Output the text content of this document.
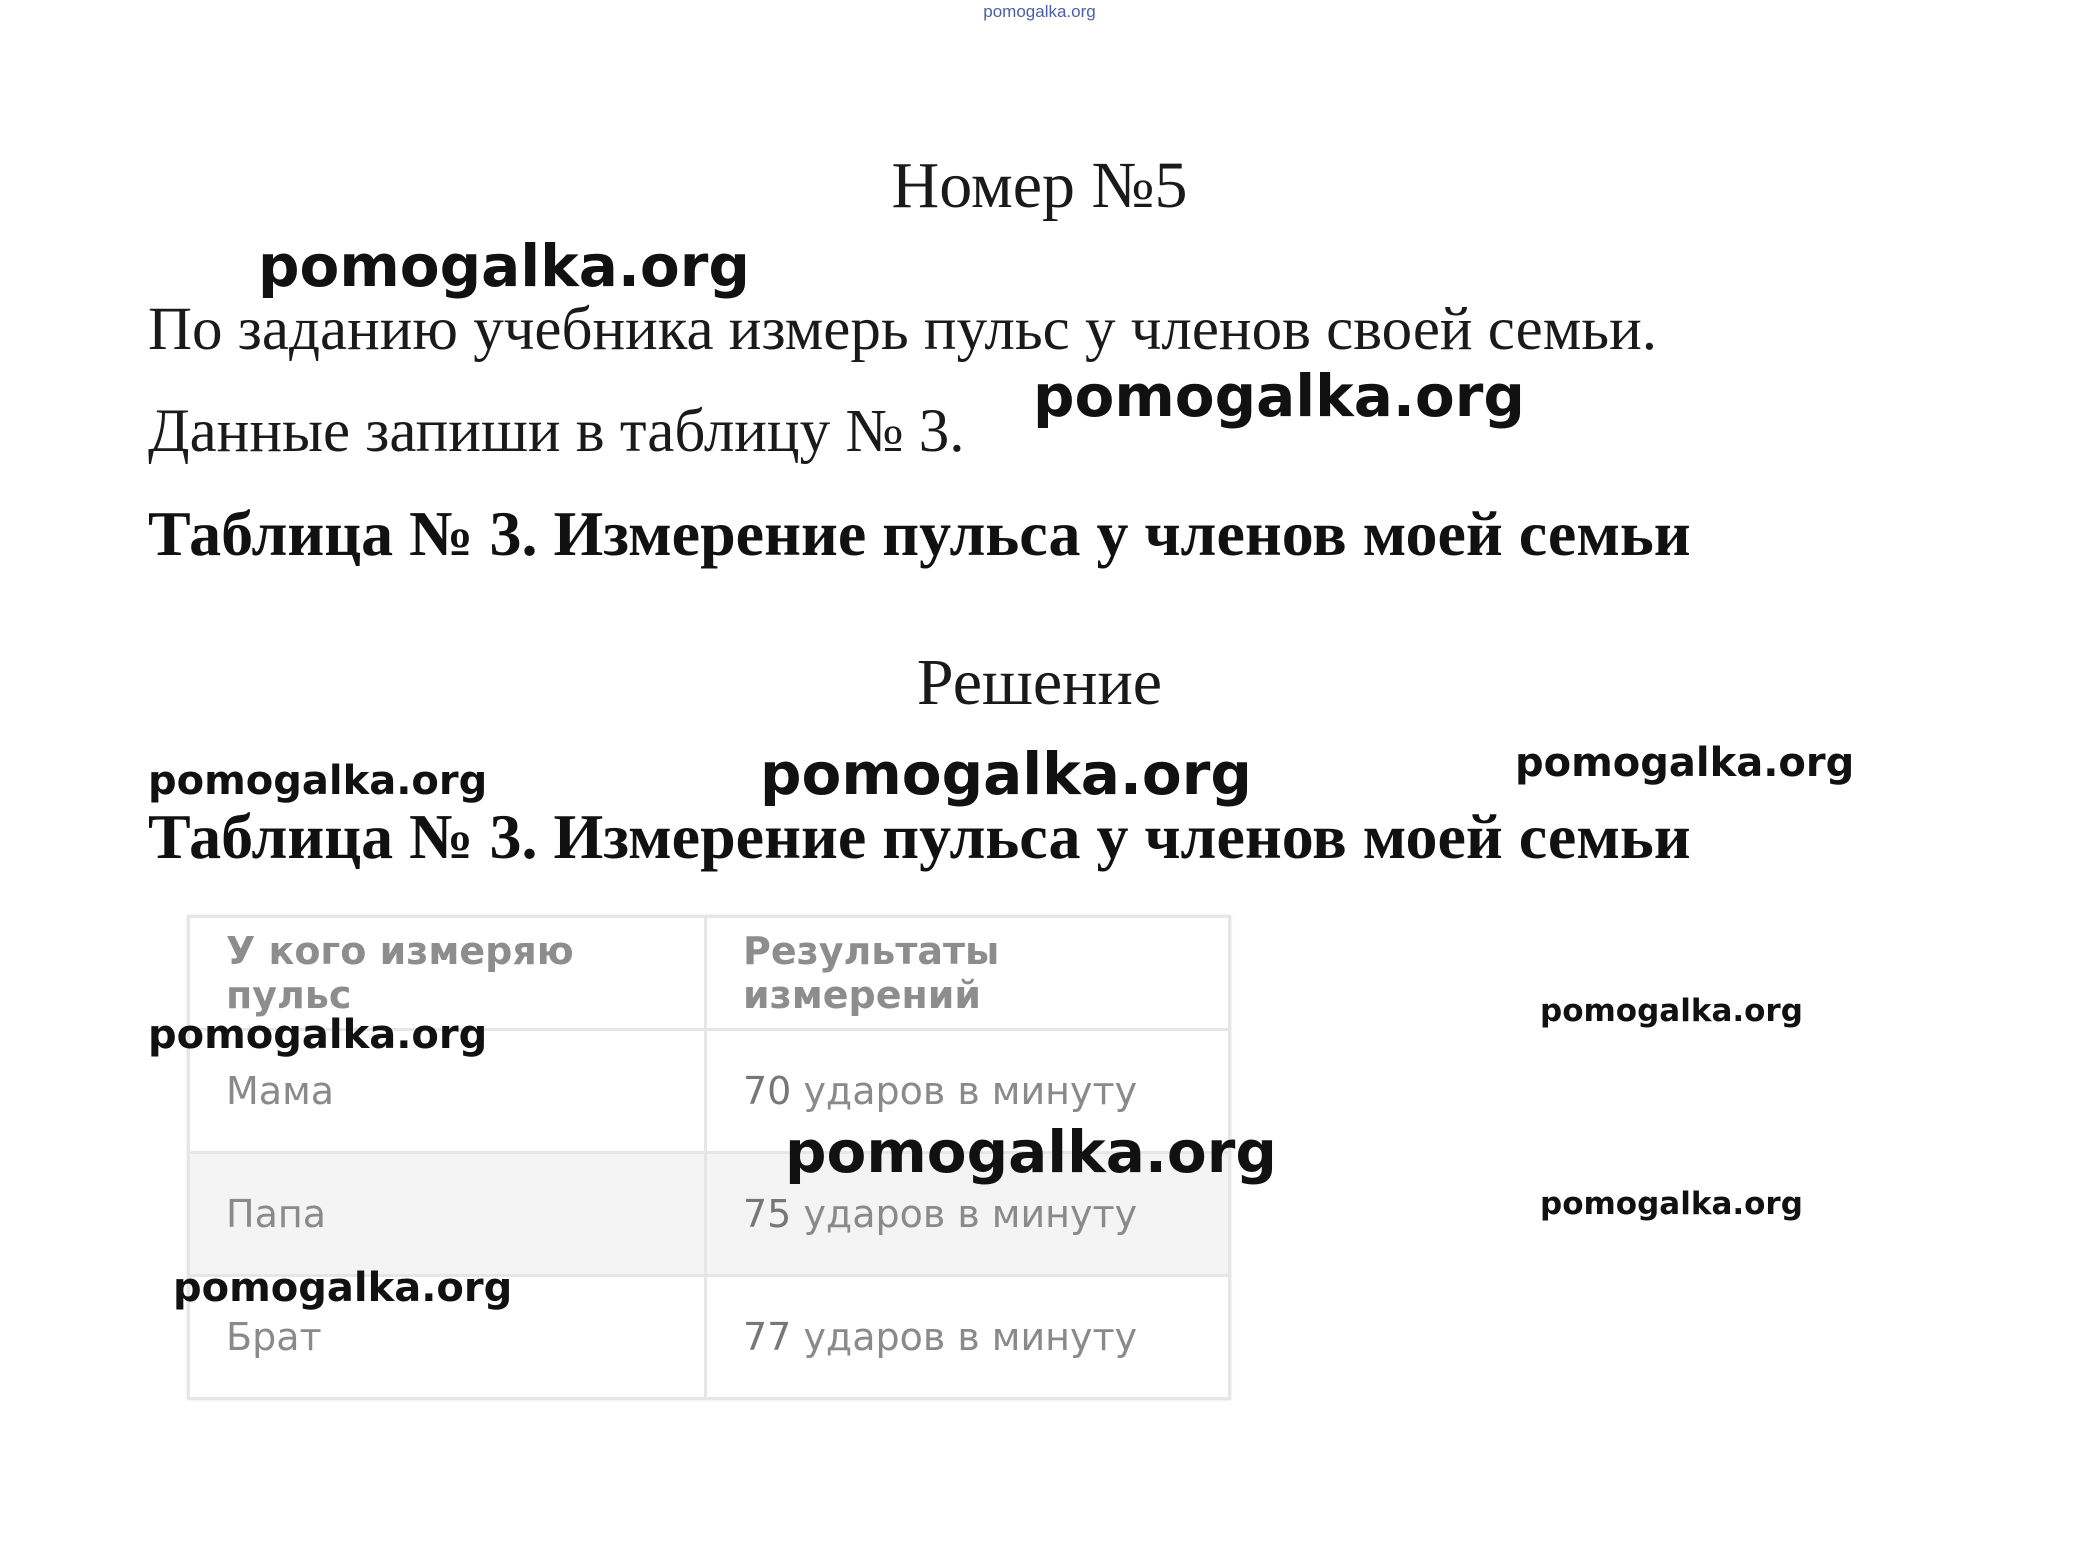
pomogalka.org
Номер №5
По заданию учебника измерь пульс у членов своей семьи.
Данные запиши в таблицу № 3.
Таблица № 3. Измерение пульса у членов моей семьи
Решение
Таблица № 3. Измерение пульса у членов моей семьи
У кого измеряю пульс	Результаты измерений
Мама	70 ударов в минуту
Папа	75 ударов в минуту
Брат	77 ударов в минуту
pomogalka.org
pomogalka.org
pomogalka.org	pomogalka.org	pomogalka.org
pomogalka.org
pomogalka.org
pomogalka.org
pomogalka.org
pomogalka.org
